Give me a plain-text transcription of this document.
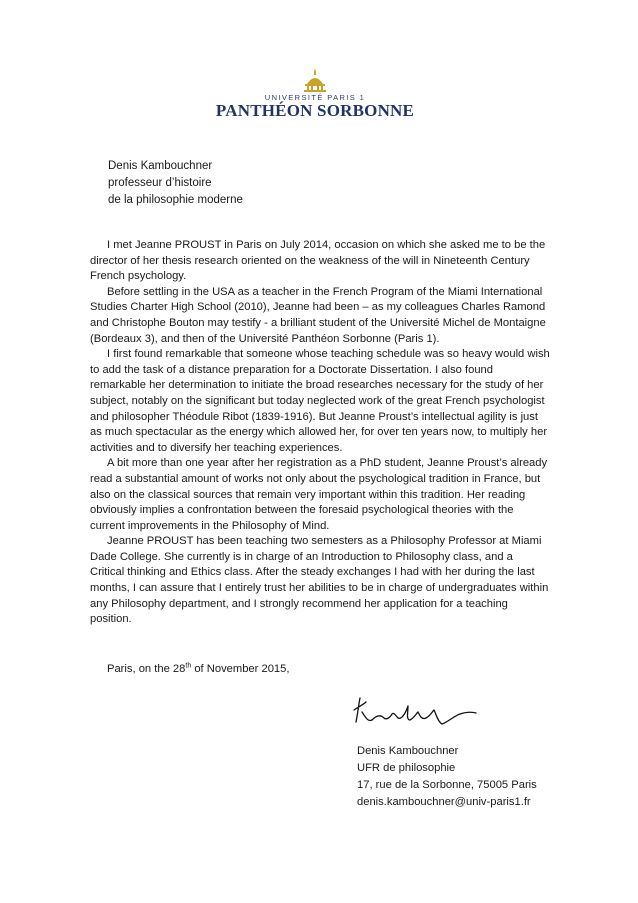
UNIVERSITÉ PARIS 1
PANTHÉON SORBONNE
Denis Kambouchner
professeur d’histoire
de la philosophie moderne

I met Jeanne PROUST in Paris on July 2014, occasion on which she asked me to be the director of her thesis research oriented on the weakness of the will in Nineteenth Century French psychology.

Before settling in the USA as a teacher in the French Program of the Miami International Studies Charter High School (2010), Jeanne had been – as my colleagues Charles Ramond and Christophe Bouton may testify - a brilliant student of the Université Michel de Montaigne (Bordeaux 3), and then of the Université Panthéon Sorbonne (Paris 1).

I first found remarkable that someone whose teaching schedule was so heavy would wish to add the task of a distance preparation for a Doctorate Dissertation. I also found remarkable her determination to initiate the broad researches necessary for the study of her subject, notably on the significant but today neglected work of the great French psychologist and philosopher Théodule Ribot (1839-1916). But Jeanne Proust’s intellectual agility is just as much spectacular as the energy which allowed her, for over ten years now, to multiply her activities and to diversify her teaching experiences.

A bit more than one year after her registration as a PhD student, Jeanne Proust’s already read a substantial amount of works not only about the psychological tradition in France, but also on the classical sources that remain very important within this tradition. Her reading obviously implies a confrontation between the foresaid psychological theories with the current improvements in the Philosophy of Mind.

Jeanne PROUST has been teaching two semesters as a Philosophy Professor at Miami Dade College. She currently is in charge of an Introduction to Philosophy class, and a Critical thinking and Ethics class. After the steady exchanges I had with her during the last months, I can assure that I entirely trust her abilities to be in charge of undergraduates within any Philosophy department, and I strongly recommend her application for a teaching position.

Paris, on the 28th of November 2015,
Denis Kambouchner
UFR de philosophie
17, rue de la Sorbonne, 75005 Paris
denis.kambouchner@univ-paris1.fr
